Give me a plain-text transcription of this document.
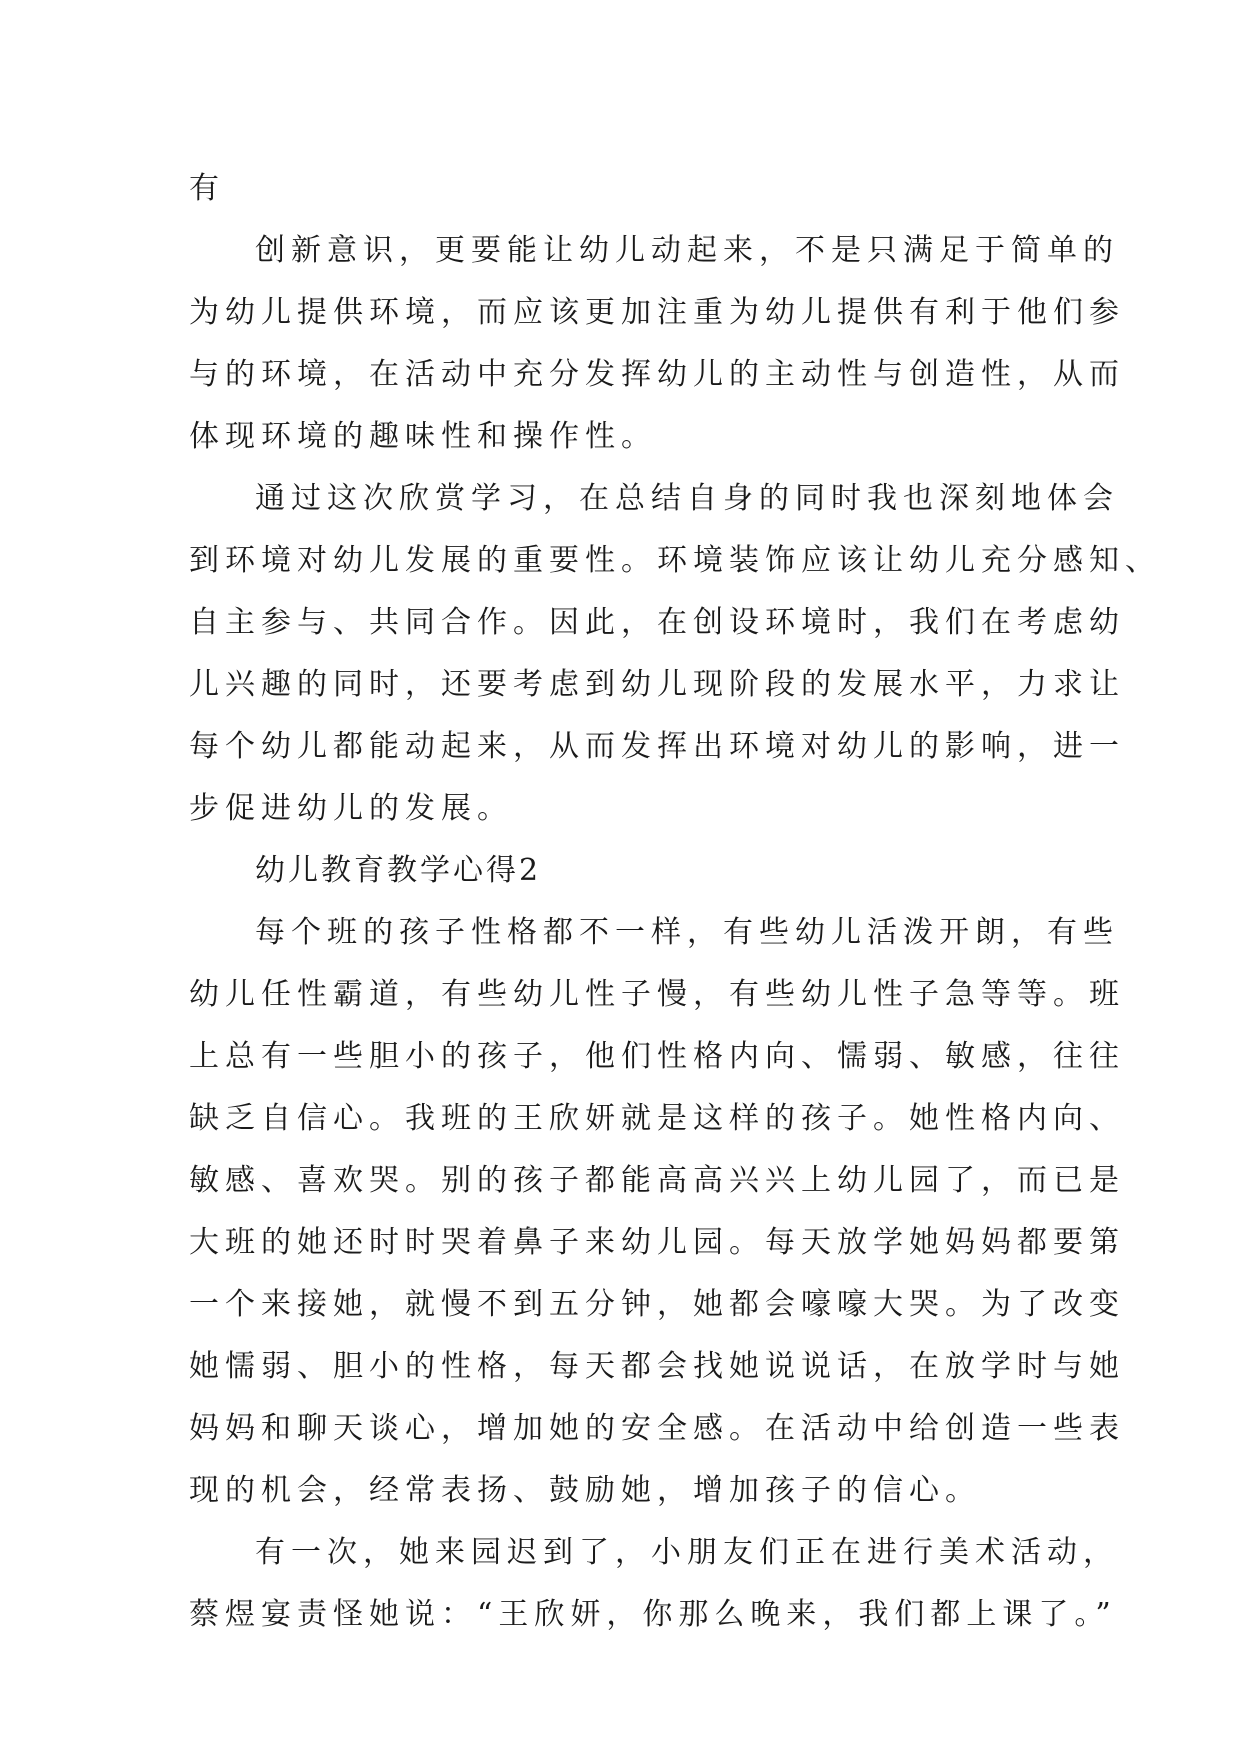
有
创新意识，更要能让幼儿动起来，不是只满足于简单的
为幼儿提供环境，而应该更加注重为幼儿提供有利于他们参
与的环境，在活动中充分发挥幼儿的主动性与创造性，从而
体现环境的趣味性和操作性。
通过这次欣赏学习，在总结自身的同时我也深刻地体会
到环境对幼儿发展的重要性。环境装饰应该让幼儿充分感知、
自主参与、共同合作。因此，在创设环境时，我们在考虑幼
儿兴趣的同时，还要考虑到幼儿现阶段的发展水平，力求让
每个幼儿都能动起来，从而发挥出环境对幼儿的影响，进一
步促进幼儿的发展。
幼儿教育教学心得2
每个班的孩子性格都不一样，有些幼儿活泼开朗，有些
幼儿任性霸道，有些幼儿性子慢，有些幼儿性子急等等。班
上总有一些胆小的孩子，他们性格内向、懦弱、敏感，往往
缺乏自信心。我班的王欣妍就是这样的孩子。她性格内向、
敏感、喜欢哭。别的孩子都能高高兴兴上幼儿园了，而已是
大班的她还时时哭着鼻子来幼儿园。每天放学她妈妈都要第
一个来接她，就慢不到五分钟，她都会嚎嚎大哭。为了改变
她懦弱、胆小的性格，每天都会找她说说话，在放学时与她
妈妈和聊天谈心，增加她的安全感。在活动中给创造一些表
现的机会，经常表扬、鼓励她，增加孩子的信心。
有一次，她来园迟到了，小朋友们正在进行美术活动，
蔡煜宴责怪她说：“王欣妍，你那么晚来，我们都上课了。”
